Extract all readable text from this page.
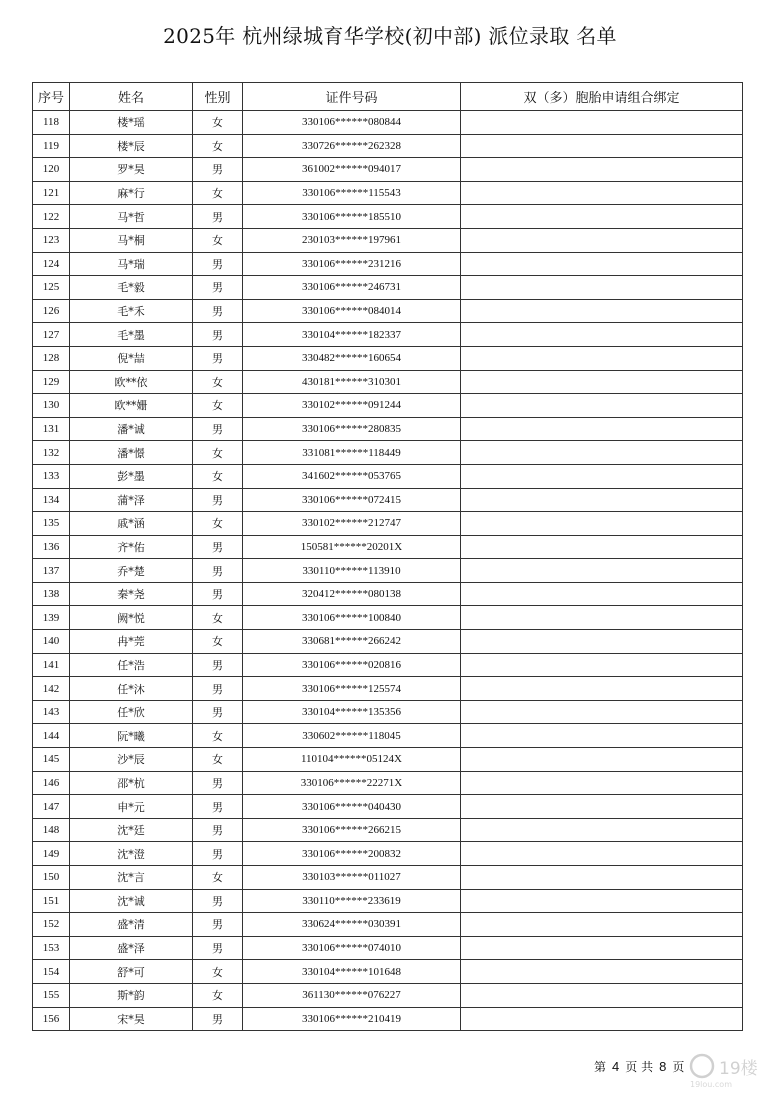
2025年 杭州绿城育华学校(初中部) 派位录取 名单
序号	姓名	性别	证件号码	双（多）胞胎申请组合绑定
118	楼*瑶	女	330106******080844	
119	楼*辰	女	330726******262328	
120	罗*昊	男	361002******094017	
121	麻*行	女	330106******115543	
122	马*哲	男	330106******185510	
123	马*桐	女	230103******197961	
124	马*瑞	男	330106******231216	
125	毛*毅	男	330106******246731	
126	毛*禾	男	330106******084014	
127	毛*墨	男	330104******182337	
128	倪*喆	男	330482******160654	
129	欧**依	女	430181******310301	
130	欧**姗	女	330102******091244	
131	潘*诚	男	330106******280835	
132	潘*憬	女	331081******118449	
133	彭*墨	女	341602******053765	
134	蒲*泽	男	330106******072415	
135	戚*涵	女	330102******212747	
136	齐*佑	男	150581******20201X	
137	乔*楚	男	330110******113910	
138	秦*尧	男	320412******080138	
139	阙*悦	女	330106******100840	
140	冉*莞	女	330681******266242	
141	任*浩	男	330106******020816	
142	任*沐	男	330106******125574	
143	任*欣	男	330104******135356	
144	阮*曦	女	330602******118045	
145	沙*辰	女	110104******05124X	
146	邵*杭	男	330106******22271X	
147	申*元	男	330106******040430	
148	沈*廷	男	330106******266215	
149	沈*澄	男	330106******200832	
150	沈*言	女	330103******011027	
151	沈*诚	男	330110******233619	
152	盛*清	男	330624******030391	
153	盛*泽	男	330106******074010	
154	舒*可	女	330104******101648	
155	斯*韵	女	361130******076227	
156	宋*昊	男	330106******210419	
第 4 页 共 8 页	19楼
19lou.com
